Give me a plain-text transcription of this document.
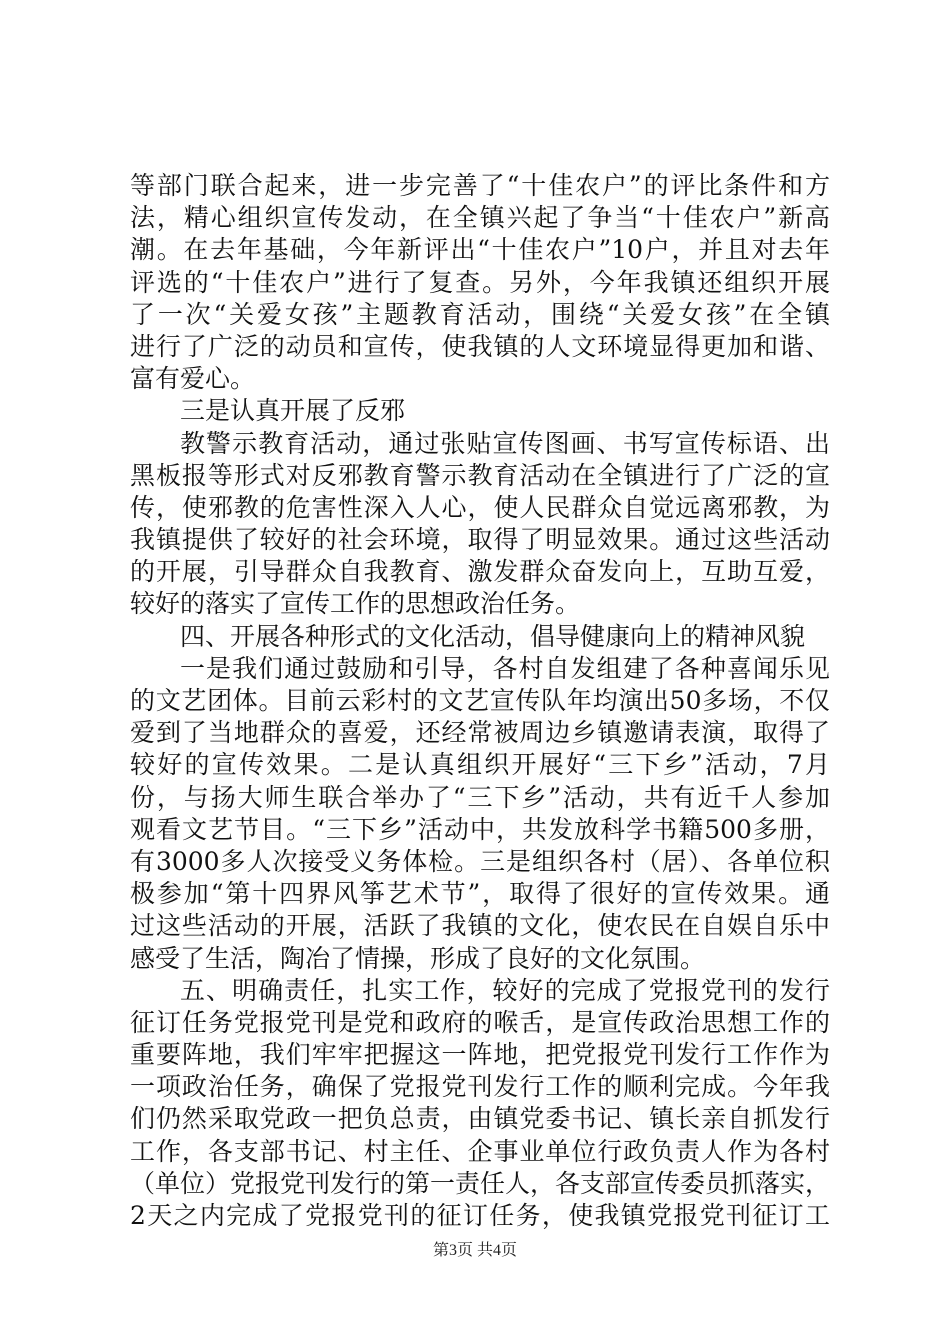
等部门联合起来，进一步完善了“十佳农户”的评比条件和方
法，精心组织宣传发动，在全镇兴起了争当“十佳农户”新高
潮。在去年基础，今年新评出“十佳农户”10户，并且对去年
评选的“十佳农户”进行了复查。另外，今年我镇还组织开展
了一次“关爱女孩”主题教育活动，围绕“关爱女孩”在全镇
进行了广泛的动员和宣传，使我镇的人文环境显得更加和谐、
富有爱心。
三是认真开展了反邪
教警示教育活动，通过张贴宣传图画、书写宣传标语、出
黑板报等形式对反邪教育警示教育活动在全镇进行了广泛的宣
传，使邪教的危害性深入人心，使人民群众自觉远离邪教，为
我镇提供了较好的社会环境，取得了明显效果。通过这些活动
的开展，引导群众自我教育、激发群众奋发向上，互助互爱，
较好的落实了宣传工作的思想政治任务。
四、开展各种形式的文化活动，倡导健康向上的精神风貌
一是我们通过鼓励和引导，各村自发组建了各种喜闻乐见
的文艺团体。目前云彩村的文艺宣传队年均演出50多场，不仅
爱到了当地群众的喜爱，还经常被周边乡镇邀请表演，取得了
较好的宣传效果。二是认真组织开展好“三下乡”活动，7月
份，与扬大师生联合举办了“三下乡”活动，共有近千人参加
观看文艺节目。“三下乡”活动中，共发放科学书籍500多册，
有3000多人次接受义务体检。三是组织各村（居）、各单位积
极参加“第十四界风筝艺术节”，取得了很好的宣传效果。通
过这些活动的开展，活跃了我镇的文化，使农民在自娱自乐中
感受了生活，陶冶了情操，形成了良好的文化氛围。
五、明确责任，扎实工作，较好的完成了党报党刊的发行
征订任务党报党刊是党和政府的喉舌，是宣传政治思想工作的
重要阵地，我们牢牢把握这一阵地，把党报党刊发行工作作为
一项政治任务，确保了党报党刊发行工作的顺利完成。今年我
们仍然采取党政一把负总责，由镇党委书记、镇长亲自抓发行
工作，各支部书记、村主任、企事业单位行政负责人作为各村
（单位）党报党刊发行的第一责任人，各支部宣传委员抓落实，
2天之内完成了党报党刊的征订任务，使我镇党报党刊征订工
第3页 共4页
